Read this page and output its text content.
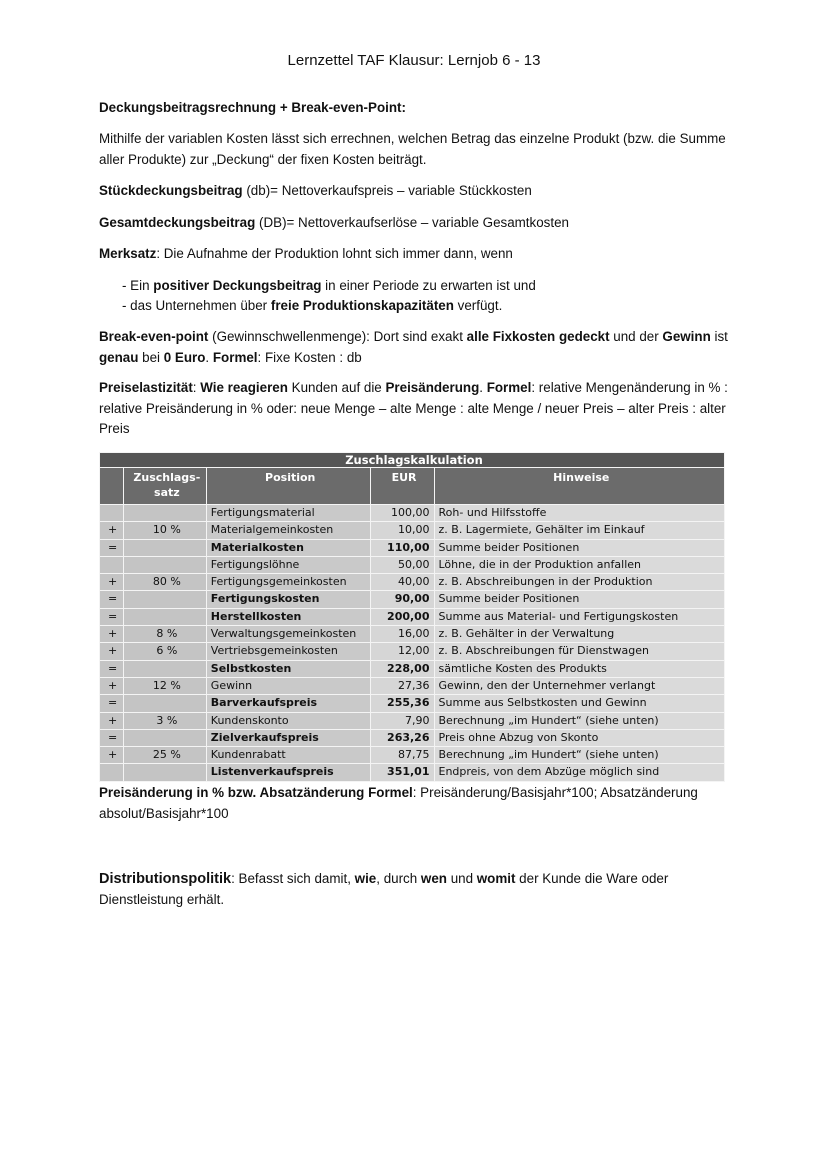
Lernzettel TAF Klausur: Lernjob 6 - 13

Deckungsbeitragsrechnung + Break-even-Point:

Mithilfe der variablen Kosten lässt sich errechnen, welchen Betrag das einzelne Produkt (bzw. die Summe aller Produkte) zur „Deckung“ der fixen Kosten beiträgt.

Stückdeckungsbeitrag (db)= Nettoverkaufspreis – variable Stückkosten

Gesamtdeckungsbeitrag (DB)= Nettoverkaufserlöse – variable Gesamtkosten

Merksatz: Die Aufnahme der Produktion lohnt sich immer dann, wenn

- Ein positiver Deckungsbeitrag in einer Periode zu erwarten ist und

- das Unternehmen über freie Produktionskapazitäten verfügt.

Break-even-point (Gewinnschwellenmenge): Dort sind exakt alle Fixkosten gedeckt und der Gewinn ist genau bei 0 Euro. Formel: Fixe Kosten : db

Preiselastizität: Wie reagieren Kunden auf die Preisänderung. Formel: relative Mengenänderung in % : relative Preisänderung in % oder: neue Menge – alte Menge : alte Menge / neuer Preis – alter Preis : alter Preis

Zuschlagskalkulation				
	Zuschlags-satz	Position	EUR	Hinweise
		Fertigungsmaterial	100,00	Roh- und Hilfsstoffe
+	10 %	Materialgemeinkosten	10,00	z. B. Lagermiete, Gehälter im Einkauf
=		Materialkosten	110,00	Summe beider Positionen
		Fertigungslöhne	50,00	Löhne, die in der Produktion anfallen
+	80 %	Fertigungsgemeinkosten	40,00	z. B. Abschreibungen in der Produktion
=		Fertigungskosten	90,00	Summe beider Positionen
=		Herstellkosten	200,00	Summe aus Material- und Fertigungskosten
+	8 %	Verwaltungsgemeinkosten	16,00	z. B. Gehälter in der Verwaltung
+	6 %	Vertriebsgemeinkosten	12,00	z. B. Abschreibungen für Dienstwagen
=		Selbstkosten	228,00	sämtliche Kosten des Produkts
+	12 %	Gewinn	27,36	Gewinn, den der Unternehmer verlangt
=		Barverkaufspreis	255,36	Summe aus Selbstkosten und Gewinn
+	3 %	Kundenskonto	7,90	Berechnung „im Hundert“ (siehe unten)
=		Zielverkaufspreis	263,26	Preis ohne Abzug von Skonto
+	25 %	Kundenrabatt	87,75	Berechnung „im Hundert“ (siehe unten)
		Listenverkaufspreis	351,01	Endpreis, von dem Abzüge möglich sind

Preisänderung in % bzw. Absatzänderung Formel: Preisänderung/Basisjahr*100; Absatzänderung absolut/Basisjahr*100

Distributionspolitik: Befasst sich damit, wie, durch wen und womit der Kunde die Ware oder Dienstleistung erhält.
